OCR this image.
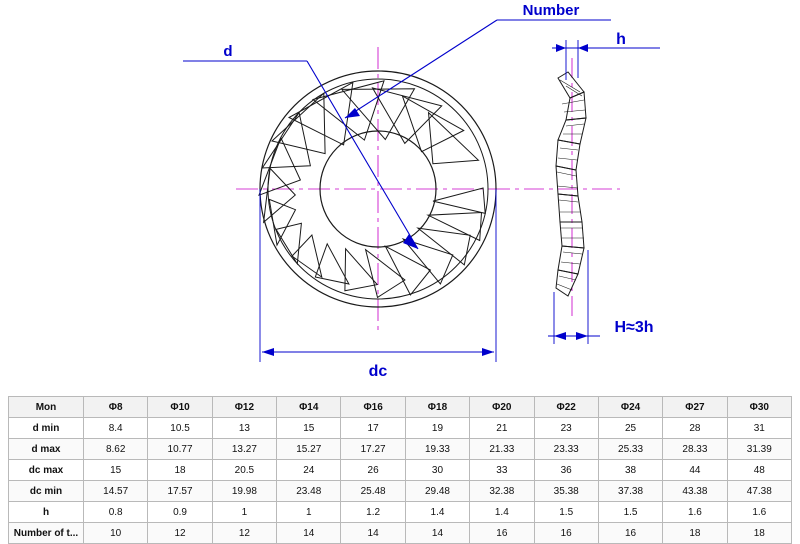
dc
d
Number
h
H≈3h
Mon	Φ8	Φ10	Φ12	Φ14	Φ16	Φ18	Φ20	Φ22	Φ24	Φ27	Φ30
d min	8.4	10.5	13	15	17	19	21	23	25	28	31
d max	8.62	10.77	13.27	15.27	17.27	19.33	21.33	23.33	25.33	28.33	31.39
dc max	15	18	20.5	24	26	30	33	36	38	44	48
dc min	14.57	17.57	19.98	23.48	25.48	29.48	32.38	35.38	37.38	43.38	47.38
h	0.8	0.9	1	1	1.2	1.4	1.4	1.5	1.5	1.6	1.6
Number of t...	10	12	12	14	14	14	16	16	16	18	18
